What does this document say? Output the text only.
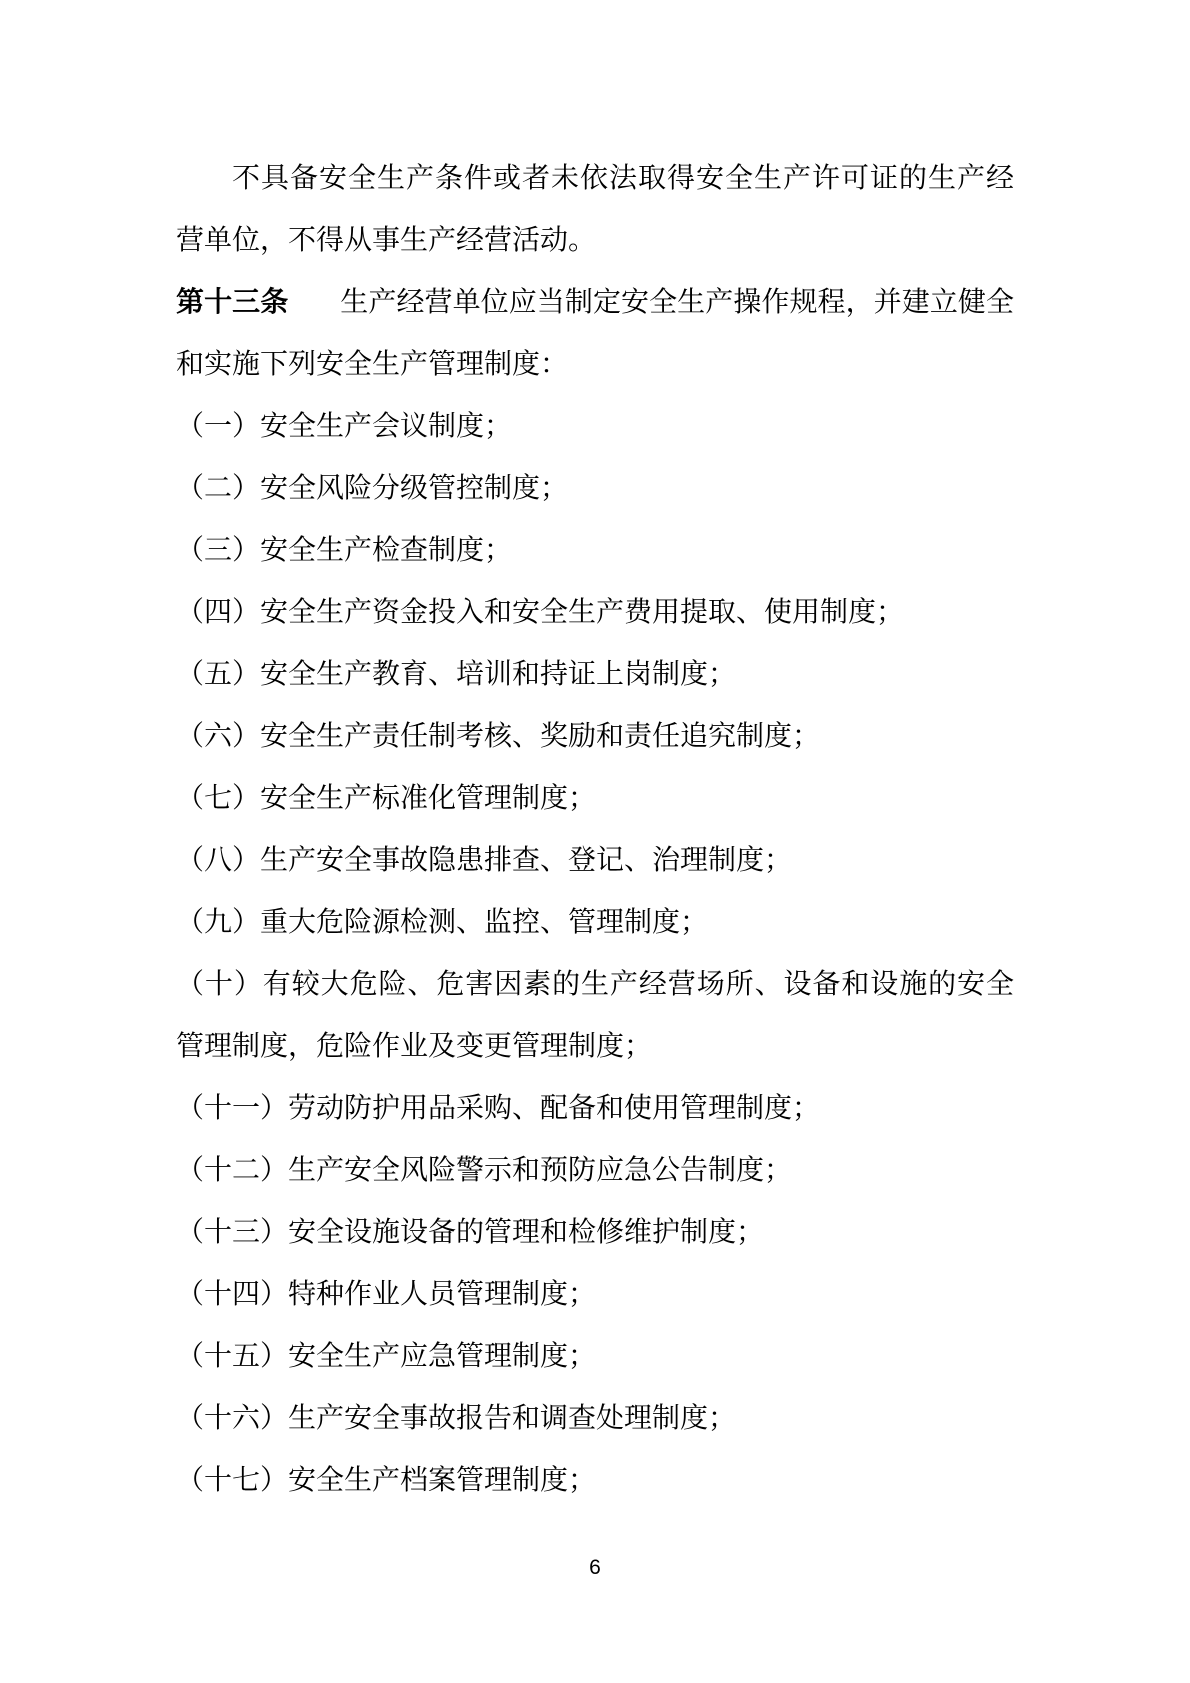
不具备安全生产条件或者未依法取得安全生产许可证的生产经营单位，不得从事生产经营活动。

第十三条 生产经营单位应当制定安全生产操作规程，并建立健全和实施下列安全生产管理制度：

（一）安全生产会议制度；

（二）安全风险分级管控制度；

（三）安全生产检查制度；

（四）安全生产资金投入和安全生产费用提取、使用制度；

（五）安全生产教育、培训和持证上岗制度；

（六）安全生产责任制考核、奖励和责任追究制度；

（七）安全生产标准化管理制度；

（八）生产安全事故隐患排查、登记、治理制度；

（九）重大危险源检测、监控、管理制度；

（十）有较大危险、危害因素的生产经营场所、设备和设施的安全管理制度，危险作业及变更管理制度；

（十一）劳动防护用品采购、配备和使用管理制度；

（十二）生产安全风险警示和预防应急公告制度；

（十三）安全设施设备的管理和检修维护制度；

（十四）特种作业人员管理制度；

（十五）安全生产应急管理制度；

（十六）生产安全事故报告和调查处理制度；

（十七）安全生产档案管理制度；

6
